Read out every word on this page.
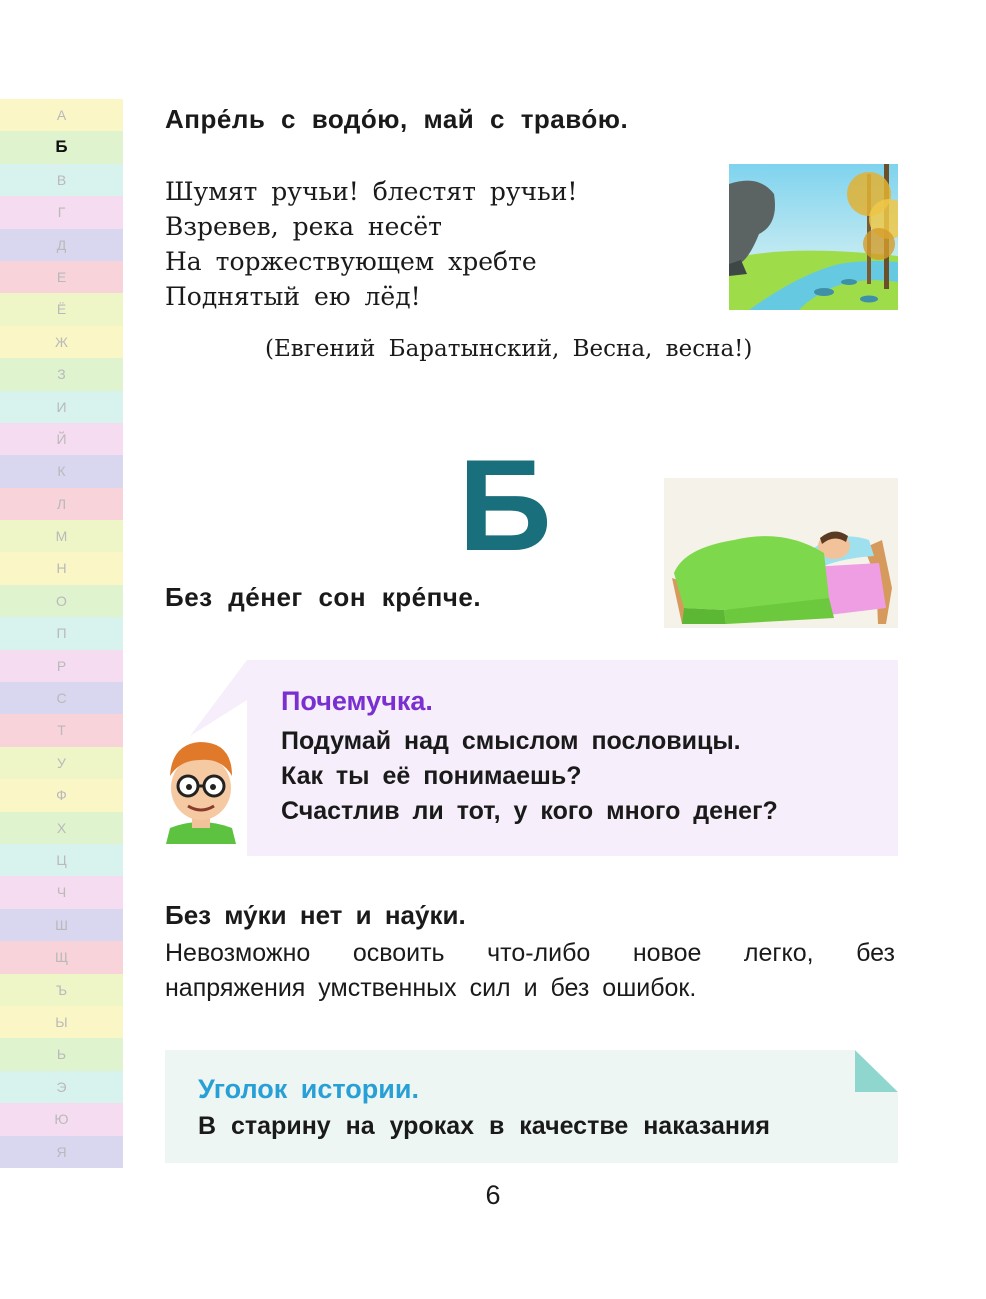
А
Б
В
Г
Д
Е
Ё
Ж
З
И
Й
К
Л
М
Н
О
П
Р
С
Т
У
Ф
Х
Ц
Ч
Ш
Щ
Ъ
Ы
Ь
Э
Ю
Я
Апре́ль с водо́ю, май с траво́ю.
Шумят ручьи! блестят ручьи!
Взревев, река несёт
На торжествующем хребте
Поднятый ею лёд!
(Евгений Баратынский, Весна, весна!)
Б
Без де́нег сон кре́пче.
Почемучка.
Подумай над смыслом пословицы.
Как ты её понимаешь?
Счастлив ли тот, у кого много денег?
Без му́ки нет и нау́ки.
Невозможно освоить что-либо новое легко, без напряжения умственных сил и без ошибок.
Уголок истории.
В старину на уроках в качестве наказания
6
